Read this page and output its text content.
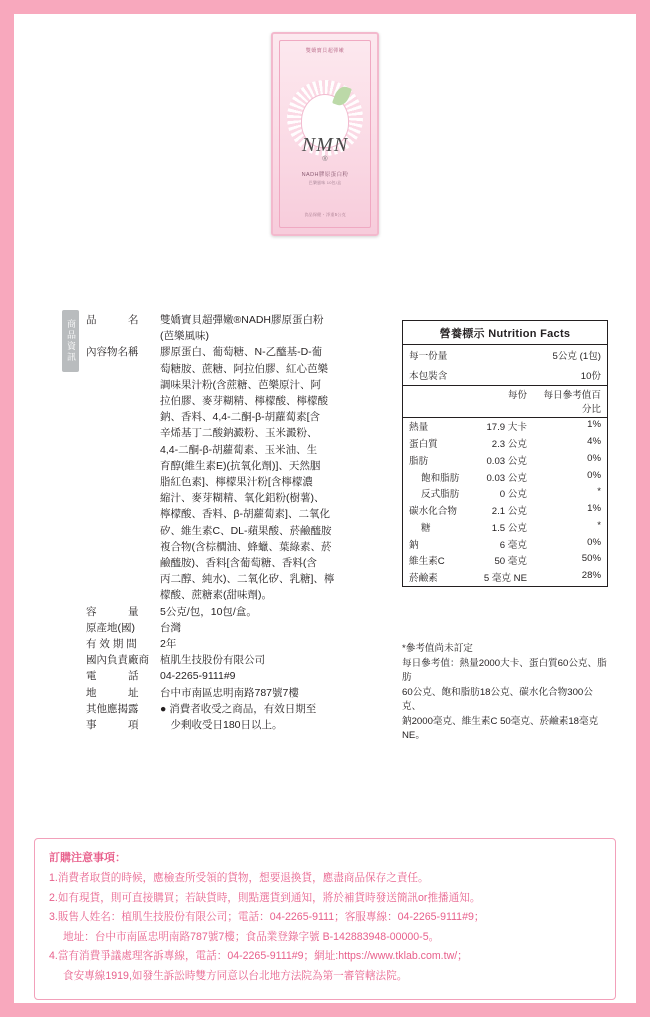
雙嬌寶貝超彈嫩
NMN
®
NADH膠原蛋白粉
巴樂風味 10包/盒
食品保健・淨重5公克
商品資訊 品　　　名	雙嬌寶貝超彈嫩®NADH膠原蛋白粉

(芭樂風味)

內容物名稱	膠原蛋白、葡萄糖、N-乙醯基-D-葡

萄糖胺、蔗糖、阿拉伯膠、紅心芭樂

調味果汁粉(含蔗糖、芭樂原汁、阿

拉伯膠、麥芽糊精、檸檬酸、檸檬酸

鈉、香料、4,4-二酮-β-胡蘿蔔素[含

辛烯基丁二酸鈉澱粉、玉米澱粉、

4,4-二酮-β-胡蘿蔔素、玉米油、生

育醇(維生素E)(抗氧化劑)]、天然胭

脂紅色素]、檸檬果汁粉[含檸檬濃

縮汁、麥芽糊精、氧化鋁粉(樹薯)、

檸檬酸、香料、β-胡蘿蔔素]、二氧化

矽、維生素C、DL-蘋果酸、菸鹼醯胺

複合物(含棕櫚油、蜂蠟、葉綠素、菸

鹼醯胺)、香料[含葡萄糖、香料(含

丙二醇、純水)、二氧化矽、乳糖]、檸

檬酸、蔗糖素(甜味劑)。

容　　　量	5公克/包，10包/盒。

原產地(國)	台灣

有 效 期 間	2年

國內負責廠商	植肌生技股份有限公司

電　　　話	04-2265-9111#9

地　　　址	台中市南區忠明南路787號7樓

其他應揭露	● 消費者收受之商品，有效日期至

事　　　項	　少剩收受日180日以上。

營養標示 Nutrition Facts
每一份量	5公克 (1包)	
本包裝含	10份	
	每份	每日參考值百分比
熱量	17.9 大卡	1%
蛋白質	2.3 公克	4%
脂肪	0.03 公克	0%
飽和脂肪	0.03 公克	0%
反式脂肪	0 公克	*
碳水化合物	2.1 公克	1%
糖	1.5 公克	*
鈉	6 毫克	0%
維生素C	50 毫克	50%
菸鹼素	5 毫克 NE	28%
*參考值尚未訂定
每日參考值：熱量2000大卡、蛋白質60公克、脂肪
60公克、飽和脂肪18公克、碳水化合物300公克、
鈉2000毫克、維生素C 50毫克、菸鹼素18毫克NE。
訂購注意事項：

1.消費者取貨的時候，應檢查所受領的貨物，想要退換貨，應盡商品保存之責任。

2.如有現貨，則可直接購買；若缺貨時，則點選貨到通知，將於補貨時發送簡訊or推播通知。

3.販售人姓名：植肌生技股份有限公司；電話：04-2265-9111；客服專線：04-2265-9111#9；

地址：台中市南區忠明南路787號7樓；食品業登錄字號 B-142883948-00000-5。

4.當有消費爭議處理客訴專線，電話：04-2265-9111#9；網址:https://www.tklab.com.tw/；

食安專線1919,如發生訴訟時雙方同意以台北地方法院為第一審管轄法院。
